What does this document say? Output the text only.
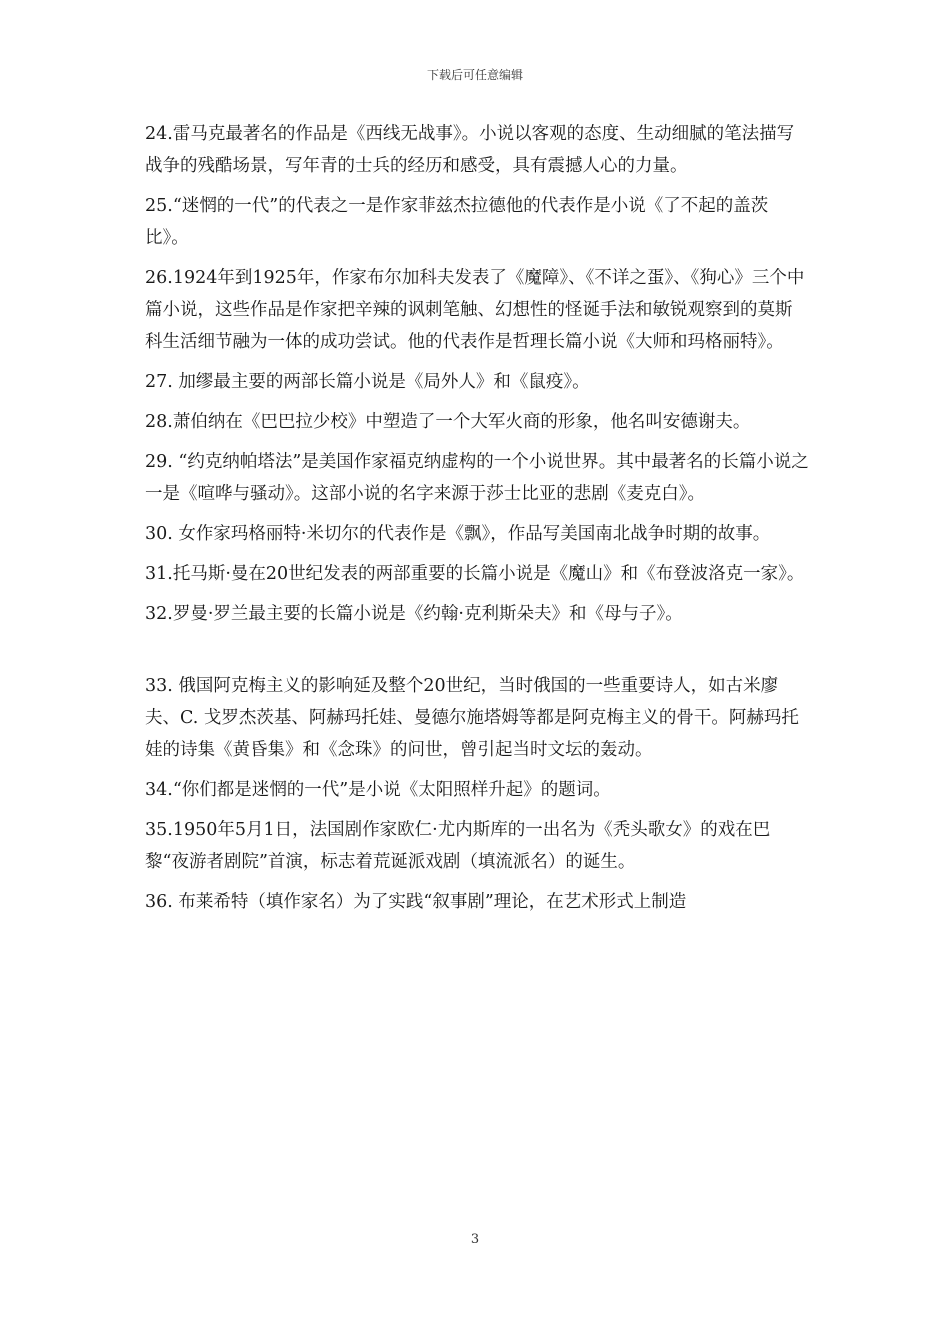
下载后可任意编辑

24.雷马克最著名的作品是《西线无战事》。小说以客观的态度、生动细腻的笔法描写战争的残酷场景，写年青的士兵的经历和感受，具有震撼人心的力量。

25.“迷惘的一代”的代表之一是作家菲兹杰拉德他的代表作是小说《了不起的盖茨比》。

26.1924年到1925年，作家布尔加科夫发表了《魔障》、《不详之蛋》、《狗心》三个中篇小说，这些作品是作家把辛辣的讽刺笔触、幻想性的怪诞手法和敏锐观察到的莫斯科生活细节融为一体的成功尝试。他的代表作是哲理长篇小说《大师和玛格丽特》。

27. 加缪最主要的两部长篇小说是《局外人》和《鼠疫》。

28.萧伯纳在《巴巴拉少校》中塑造了一个大军火商的形象，他名叫安德谢夫。

29. “约克纳帕塔法”是美国作家福克纳虚构的一个小说世界。其中最著名的长篇小说之一是《喧哗与骚动》。这部小说的名字来源于莎士比亚的悲剧《麦克白》。

30. 女作家玛格丽特·米切尔的代表作是《飘》，作品写美国南北战争时期的故事。

31.托马斯·曼在20世纪发表的两部重要的长篇小说是《魔山》和《布登波洛克一家》。

32.罗曼·罗兰最主要的长篇小说是《约翰·克利斯朵夫》和《母与子》。

33. 俄国阿克梅主义的影响延及整个20世纪，当时俄国的一些重要诗人，如古米廖夫、C. 戈罗杰茨基、阿赫玛托娃、曼德尔施塔姆等都是阿克梅主义的骨干。阿赫玛托娃的诗集《黄昏集》和《念珠》的问世，曾引起当时文坛的轰动。

34.“你们都是迷惘的一代”是小说《太阳照样升起》的题词。

35.1950年5月1日，法国剧作家欧仁·尤内斯库的一出名为《秃头歌女》的戏在巴黎“夜游者剧院”首演，标志着荒诞派戏剧（填流派名）的诞生。

36. 布莱希特（填作家名）为了实践“叙事剧”理论，在艺术形式上制造

3
